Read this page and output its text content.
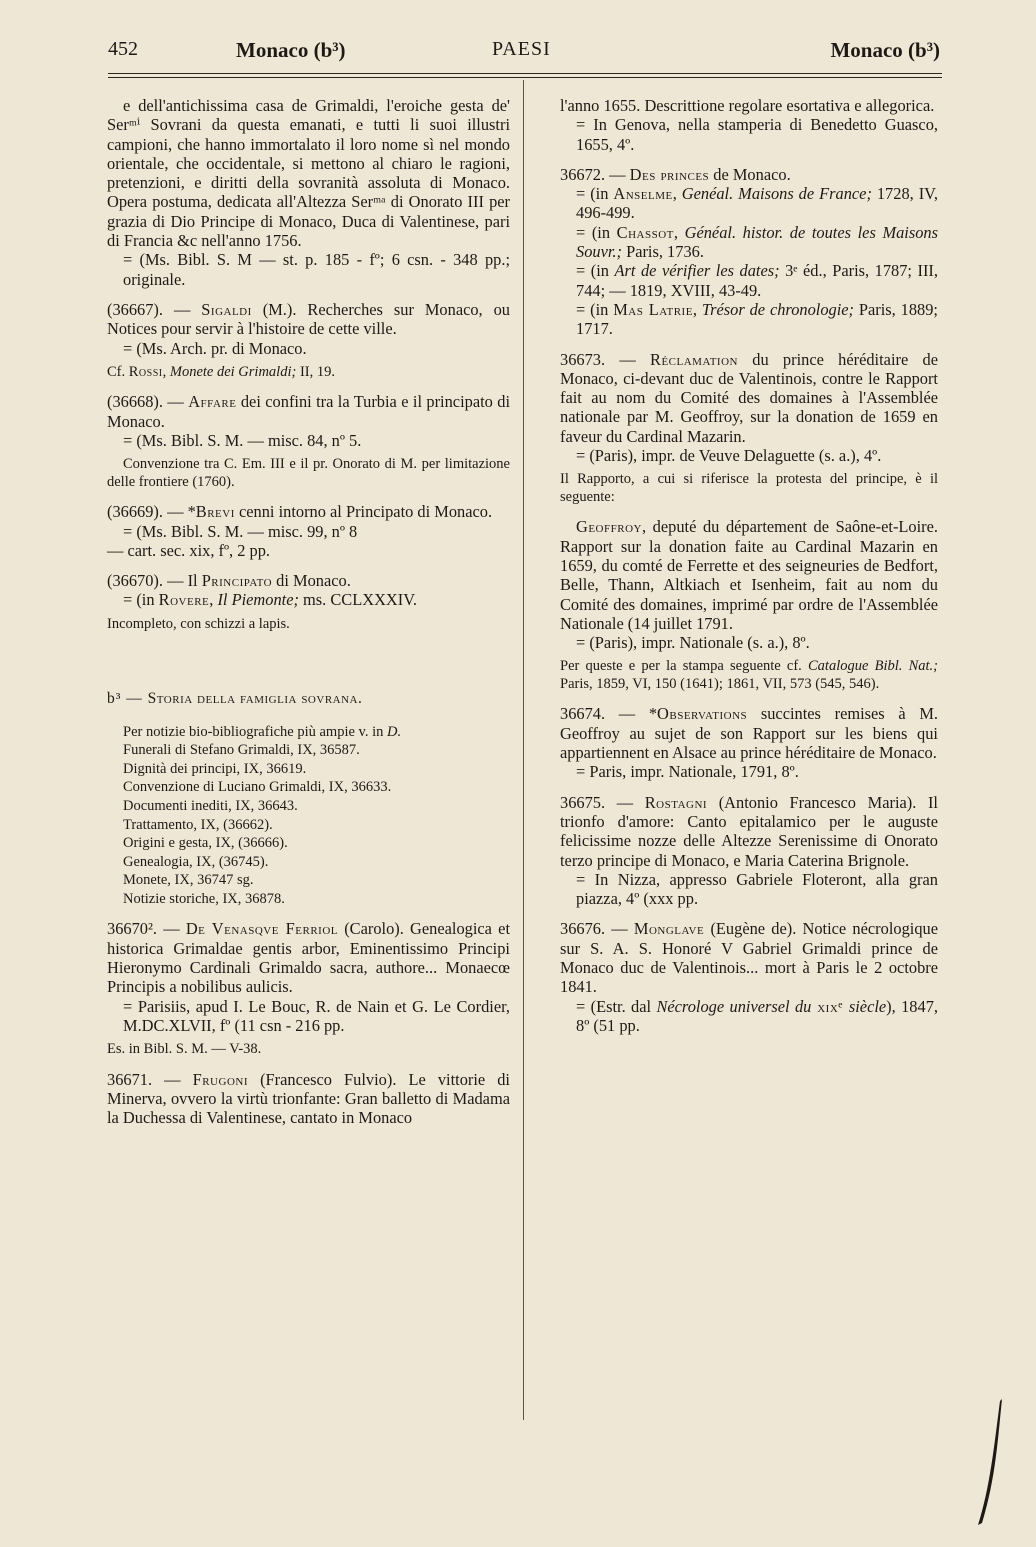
452	Monaco (b³)	PAESI	Monaco (b³)

e dell'antichissima casa de Grimaldi, l'eroiche gesta de' Serᵐⁱ Sovrani da questa emanati, e tutti li suoi illustri campioni, che hanno immortalato il loro nome sì nel mondo orientale, che occidentale, si mettono al chiaro le ragioni, pretenzioni, e diritti della sovranità assoluta di Monaco. Opera postuma, dedicata all'Altezza Serᵐᵃ di Onorato III per grazia di Dio Principe di Monaco, Duca di Valentinese, pari di Francia &c nell'anno 1756.

= (Ms. Bibl. S. M — st. p. 185 - fº; 6 csn. - 348 pp.; originale.

(36667). — Sigaldi (M.). Recherches sur Monaco, ou Notices pour servir à l'histoire de cette ville.

= (Ms. Arch. pr. di Monaco.

Cf. Rossi, Monete dei Grimaldi; II, 19.

(36668). — Affare dei confini tra la Turbia e il principato di Monaco.

= (Ms. Bibl. S. M. — misc. 84, nº 5.

Convenzione tra C. Em. III e il pr. Onorato di M. per limitazione delle frontiere (1760).

(36669). — *Brevi cenni intorno al Principato di Monaco.

= (Ms. Bibl. S. M. — misc. 99, nº 8

— cart. sec. xix, fº, 2 pp.

(36670). — Il Principato di Monaco.

= (in Rovere, Il Piemonte; ms. CCLXXXIV.

Incompleto, con schizzi a lapis.

b³ — Storia della famiglia sovrana.

Per notizie bio-bibliografiche più ampie v. in D.

Funerali di Stefano Grimaldi, IX, 36587.

Dignità dei principi, IX, 36619.

Convenzione di Luciano Grimaldi, IX, 36633.

Documenti inediti, IX, 36643.

Trattamento, IX, (36662).

Origini e gesta, IX, (36666).

Genealogia, IX, (36745).

Monete, IX, 36747 sg.

Notizie storiche, IX, 36878.

36670². — De Venasqve Ferriol (Carolo). Genealogica et historica Grimaldae gentis arbor, Eminentissimo Principi Hieronymo Cardinali Grimaldo sacra, authore... Monaecœ Principis a nobilibus aulicis.

= Parisiis, apud I. Le Bouc, R. de Nain et G. Le Cordier, M.DC.XLVII, fº (11 csn - 216 pp.

Es. in Bibl. S. M. — V-38.

36671. — Frugoni (Francesco Fulvio). Le vittorie di Minerva, ovvero la virtù trionfante: Gran balletto di Madama la Duchessa di Valentinese, cantato in Monaco

l'anno 1655. Descrittione regolare esortativa e allegorica.

= In Genova, nella stamperia di Benedetto Guasco, 1655, 4º.

36672. — Des princes de Monaco.

= (in Anselme, Genéal. Maisons de France; 1728, IV, 496-499.

= (in Chassot, Généal. histor. de toutes les Maisons Souvr.; Paris, 1736.

= (in Art de vérifier les dates; 3ᵉ éd., Paris, 1787; III, 744; — 1819, XVIII, 43-49.

= (in Mas Latrie, Trésor de chronologie; Paris, 1889; 1717.

36673. — Réclamation du prince héréditaire de Monaco, ci-devant duc de Valentinois, contre le Rapport fait au nom du Comité des domaines à l'Assemblée nationale par M. Geoffroy, sur la donation de 1659 en faveur du Cardinal Mazarin.

= (Paris), impr. de Veuve Delaguette (s. a.), 4º.

Il Rapporto, a cui si riferisce la protesta del principe, è il seguente:

Geoffroy, deputé du département de Saône-et-Loire. Rapport sur la donation faite au Cardinal Mazarin en 1659, du comté de Ferrette et des seigneuries de Bedfort, Belle, Thann, Altkiach et Isenheim, fait au nom du Comité des domaines, imprimé par ordre de l'Assemblée Nationale (14 juillet 1791.

= (Paris), impr. Nationale (s. a.), 8º.

Per queste e per la stampa seguente cf. Catalogue Bibl. Nat.; Paris, 1859, VI, 150 (1641); 1861, VII, 573 (545, 546).

36674. — *Observations succintes remises à M. Geoffroy au sujet de son Rapport sur les biens qui appartiennent en Alsace au prince héréditaire de Monaco.

= Paris, impr. Nationale, 1791, 8º.

36675. — Rostagni (Antonio Francesco Maria). Il trionfo d'amore: Canto epitalamico per le auguste felicissime nozze delle Altezze Serenissime di Onorato terzo principe di Monaco, e Maria Caterina Brignole.

= In Nizza, appresso Gabriele Floteront, alla gran piazza, 4º (xxx pp.

36676. — Monglave (Eugène de). Notice nécrologique sur S. A. S. Honoré V Gabriel Grimaldi prince de Monaco duc de Valentinois... mort à Paris le 2 octobre 1841.

= (Estr. dal Nécrologe universel du xixᵉ siècle), 1847, 8º (51 pp.
